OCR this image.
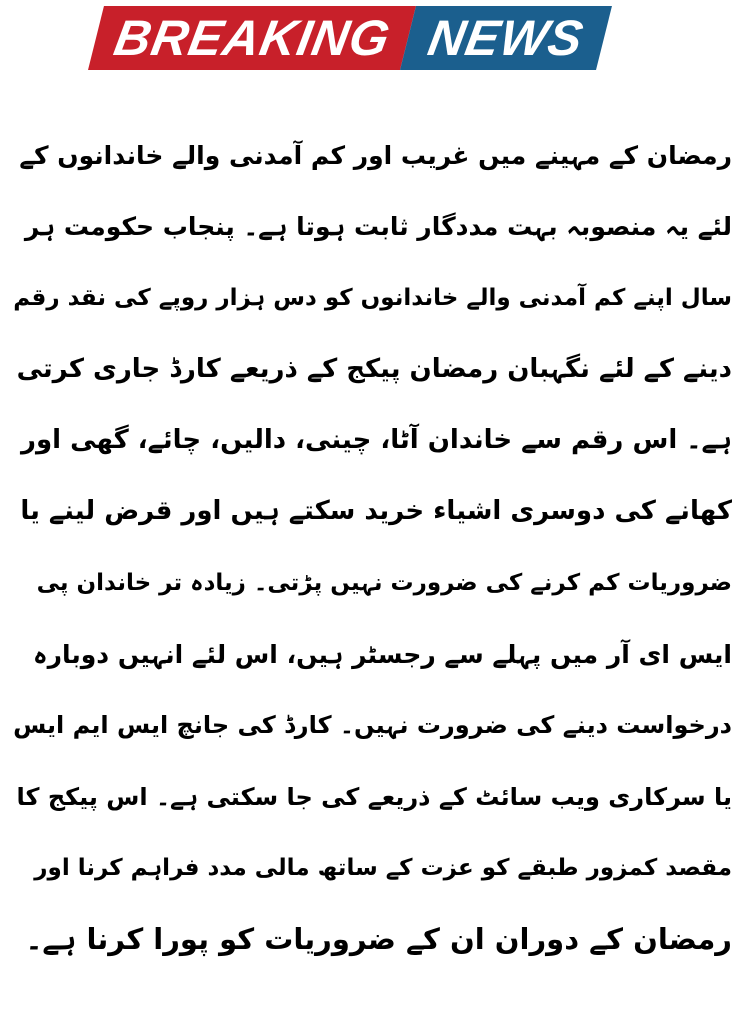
BREAKING NEWS
رمضان کے مہینے میں غریب اور کم آمدنی والے خاندانوں کے
لئے یہ منصوبہ بہت مددگار ثابت ہوتا ہے۔ پنجاب حکومت ہر
سال اپنے کم آمدنی والے خاندانوں کو دس ہزار روپے کی نقد رقم
دینے کے لئے نگہبان رمضان پیکج کے ذریعے کارڈ جاری کرتی
ہے۔ اس رقم سے خاندان آٹا، چینی، دالیں، چائے، گھی اور
کھانے کی دوسری اشیاء خرید سکتے ہیں اور قرض لینے یا
ضروریات کم کرنے کی ضرورت نہیں پڑتی۔ زیادہ تر خاندان پی
ایس ای آر میں پہلے سے رجسٹر ہیں، اس لئے انہیں دوبارہ
درخواست دینے کی ضرورت نہیں۔ کارڈ کی جانچ ایس ایم ایس
یا سرکاری ویب سائٹ کے ذریعے کی جا سکتی ہے۔ اس پیکج کا
مقصد کمزور طبقے کو عزت کے ساتھ مالی مدد فراہم کرنا اور
رمضان کے دوران ان کے ضروریات کو پورا کرنا ہے۔
